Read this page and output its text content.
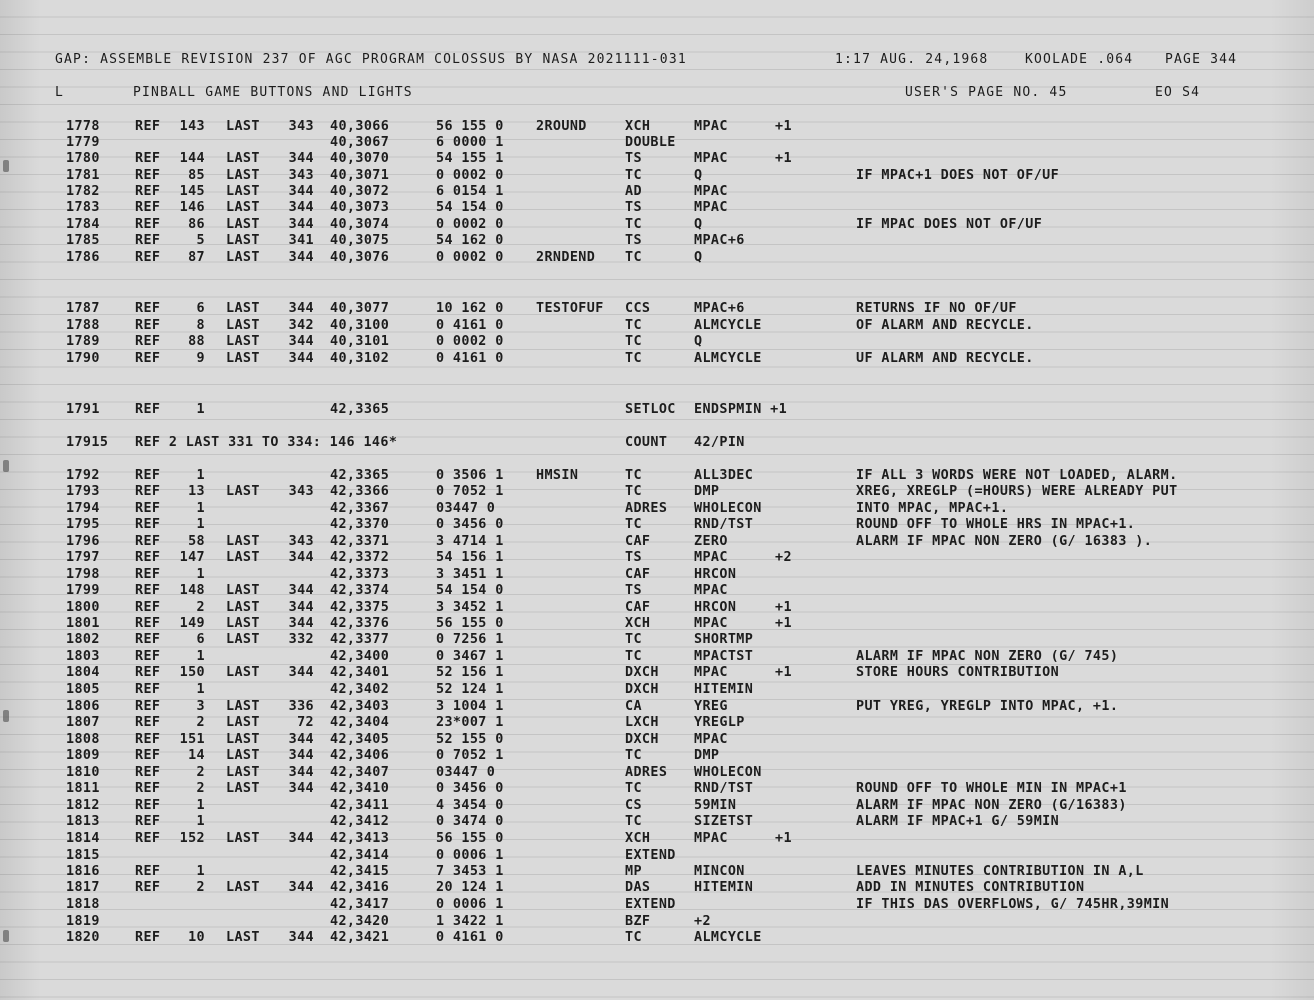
GAP: ASSEMBLE REVISION 237 OF AGC PROGRAM COLOSSUS BY NASA 2021111-031	1:17 AUG. 24,1968	KOOLADE .064 PAGE 344
L	PINBALL GAME BUTTONS AND LIGHTS	USER'S PAGE NO. 45	EO S4
1778	REF	143 LAST	343 40,3066	56 155 0 2ROUND	XCH	MPAC	+1
1779	40,3067	6 0000 1	DOUBLE
1780	REF	144 LAST	344 40,3070	54 155 1	TS	MPAC	+1
1781	REF	85 LAST	343 40,3071	0 0002 0	TC	Q	IF MPAC+1 DOES NOT OF/UF
1782	REF	145 LAST	344 40,3072	6 0154 1	AD	MPAC
1783	REF	146 LAST	344 40,3073	54 154 0	TS	MPAC
1784	REF	86 LAST	344 40,3074	0 0002 0	TC	Q	IF MPAC DOES NOT OF/UF
1785	REF	5 LAST	341 40,3075	54 162 0	TS	MPAC+6
1786	REF	87 LAST	344 40,3076	0 0002 0 2RNDEND TC	Q
1787	REF	6 LAST	344 40,3077	10 162 0 TESTOFUF CCS	MPAC+6	RETURNS IF NO OF/UF
1788	REF	8 LAST	342 40,3100	0 4161 0	TC	ALMCYCLE	OF ALARM AND RECYCLE.
1789	REF	88 LAST	344 40,3101	0 0002 0	TC	Q
1790	REF	9 LAST	344 40,3102	0 4161 0	TC	ALMCYCLE	UF ALARM AND RECYCLE.
1791	REF	1	42,3365	SETLOC ENDSPMIN +1
17915 REF 2 LAST 331 TO 334: 146 146*	COUNT 42/PIN
1792	REF	1	42,3365	0 3506 1 HMSIN	TC	ALL3DEC	IF ALL 3 WORDS WERE NOT LOADED, ALARM.
1793	REF	13 LAST	343 42,3366	0 7052 1	TC	DMP	XREG, XREGLP (=HOURS) WERE ALREADY PUT
1794	REF	1	42,3367	03447 0	ADRES WHOLECON	INTO MPAC, MPAC+1.
1795	REF	1	42,3370	0 3456 0	TC	RND/TST	ROUND OFF TO WHOLE HRS IN MPAC+1.
1796	REF	58 LAST	343 42,3371	3 4714 1	CAF	ZERO	ALARM IF MPAC NON ZERO (G/ 16383 ).
1797	REF	147 LAST	344 42,3372	54 156 1	TS	MPAC	+2
1798	REF	1	42,3373	3 3451 1	CAF	HRCON
1799	REF	148 LAST	344 42,3374	54 154 0	TS	MPAC
1800	REF	2 LAST	344 42,3375	3 3452 1	CAF	HRCON	+1
1801	REF	149 LAST	344 42,3376	56 155 0	XCH	MPAC	+1
1802	REF	6 LAST	332 42,3377	0 7256 1	TC	SHORTMP
1803	REF	1	42,3400	0 3467 1	TC	MPACTST	ALARM IF MPAC NON ZERO (G/ 745)
1804	REF	150 LAST	344 42,3401	52 156 1	DXCH	MPAC	+1	STORE HOURS CONTRIBUTION
1805	REF	1	42,3402	52 124 1	DXCH	HITEMIN
1806	REF	3 LAST	336 42,3403	3 1004 1	CA	YREG	PUT YREG, YREGLP INTO MPAC, +1.
1807	REF	2 LAST	72 42,3404	23*007 1	LXCH	YREGLP
1808	REF	151 LAST	344 42,3405	52 155 0	DXCH	MPAC
1809	REF	14 LAST	344 42,3406	0 7052 1	TC	DMP
1810	REF	2 LAST	344 42,3407	03447 0	ADRES WHOLECON
1811	REF	2 LAST	344 42,3410	0 3456 0	TC	RND/TST	ROUND OFF TO WHOLE MIN IN MPAC+1
1812	REF	1	42,3411	4 3454 0	CS	59MIN	ALARM IF MPAC NON ZERO (G/16383)
1813	REF	1	42,3412	0 3474 0	TC	SIZETST	ALARM IF MPAC+1 G/ 59MIN
1814	REF	152 LAST	344 42,3413	56 155 0	XCH	MPAC	+1
1815	42,3414	0 0006 1	EXTEND
1816	REF	1	42,3415	7 3453 1	MP	MINCON	LEAVES MINUTES CONTRIBUTION IN A,L
1817	REF	2 LAST	344 42,3416	20 124 1	DAS	HITEMIN	ADD IN MINUTES CONTRIBUTION
1818	42,3417	0 0006 1	EXTEND	IF THIS DAS OVERFLOWS, G/ 745HR,39MIN
1819	42,3420	1 3422 1	BZF	+2
1820	REF	10 LAST	344 42,3421	0 4161 0	TC	ALMCYCLE
